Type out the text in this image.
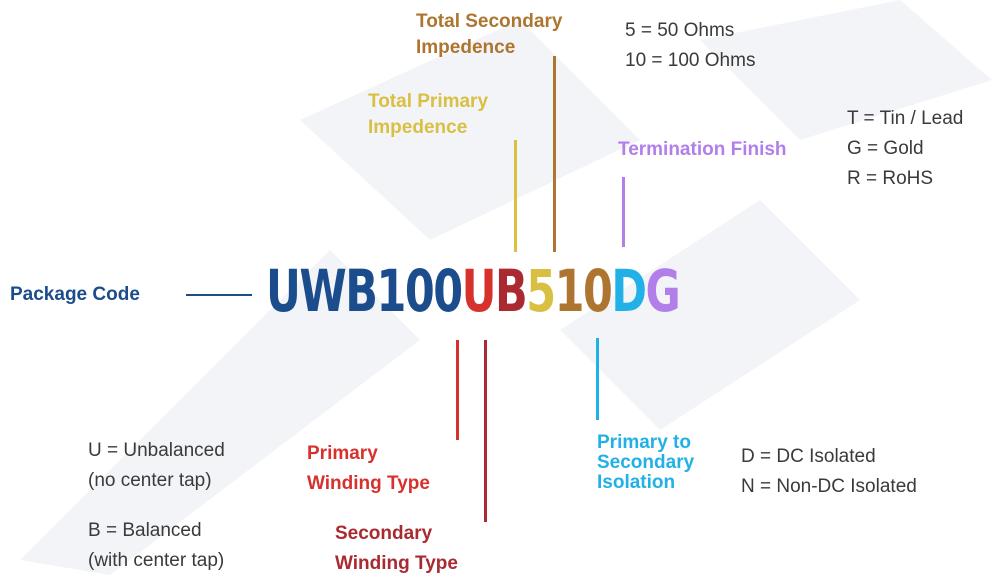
UWB100UB510DG
Package Code
Total Secondary
Impedence
Total Primary
Impedence
Termination Finish
Primary
Winding Type
Secondary
Winding Type
Primary to
Secondary
Isolation
5 = 50 Ohms
10 = 100 Ohms
T = Tin / Lead
G = Gold
R = RoHS
U = Unbalanced
(no center tap)
B = Balanced
(with center tap)
D = DC Isolated
N = Non-DC Isolated
